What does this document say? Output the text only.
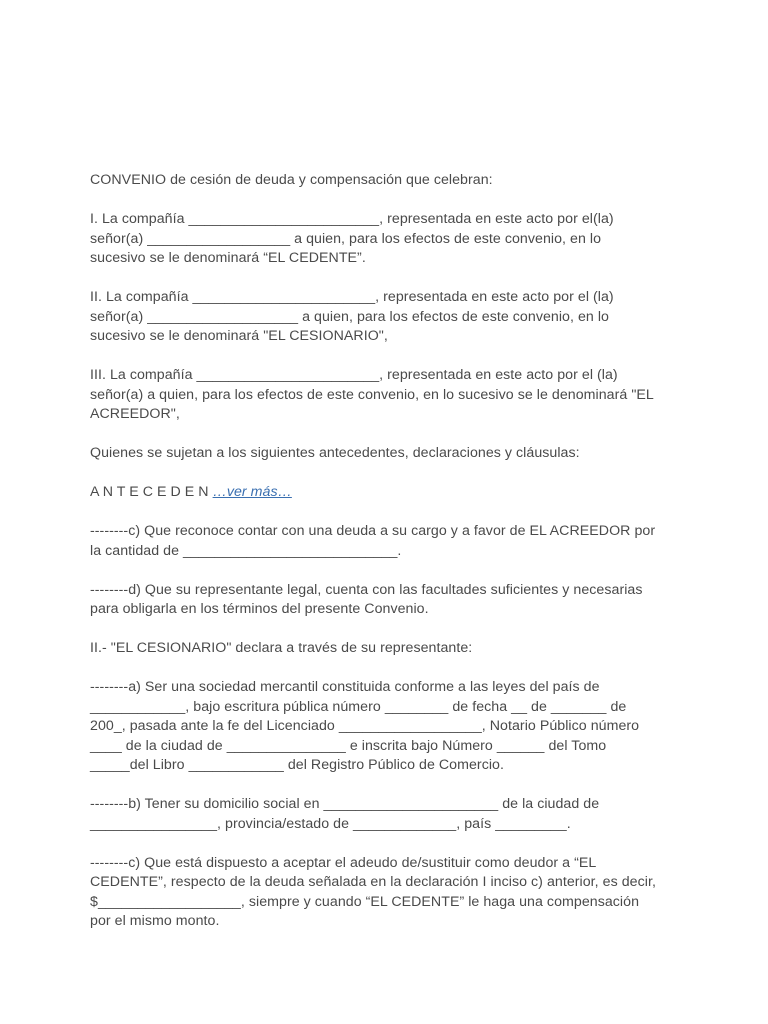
CONVENIO de cesión de deuda y compensación que celebran:

I. La compañía ________________________, representada en este acto por el(la)
señor(a) __________________ a quien, para los efectos de este convenio, en lo
sucesivo se le denominará “EL CEDENTE”.

II. La compañía _______________________, representada en este acto por el (la)
señor(a) ___________________ a quien, para los efectos de este convenio, en lo
sucesivo se le denominará "EL CESIONARIO",

III. La compañía _______________________, representada en este acto por el (la)
señor(a) a quien, para los efectos de este convenio, en lo sucesivo se le denominará "EL
ACREEDOR",

Quienes se sujetan a los siguientes antecedentes, declaraciones y cláusulas:

A N T E C E D E N …ver más…

--------c) Que reconoce contar con una deuda a su cargo y a favor de EL ACREEDOR por
la cantidad de ___________________________.

--------d) Que su representante legal, cuenta con las facultades suficientes y necesarias
para obligarla en los términos del presente Convenio.

II.- "EL CESIONARIO" declara a través de su representante:

--------a) Ser una sociedad mercantil constituida conforme a las leyes del país de
____________, bajo escritura pública número ________ de fecha __ de _______ de
200_, pasada ante la fe del Licenciado __________________, Notario Público número
____ de la ciudad de _______________ e inscrita bajo Número ______ del Tomo
_____del Libro ____________ del Registro Público de Comercio.

--------b) Tener su domicilio social en ______________________ de la ciudad de
________________, provincia/estado de _____________, país _________.

--------c) Que está dispuesto a aceptar el adeudo de/sustituir como deudor a “EL
CEDENTE”, respecto de la deuda señalada en la declaración I inciso c) anterior, es decir,
$__________________, siempre y cuando “EL CEDENTE” le haga una compensación
por el mismo monto.
